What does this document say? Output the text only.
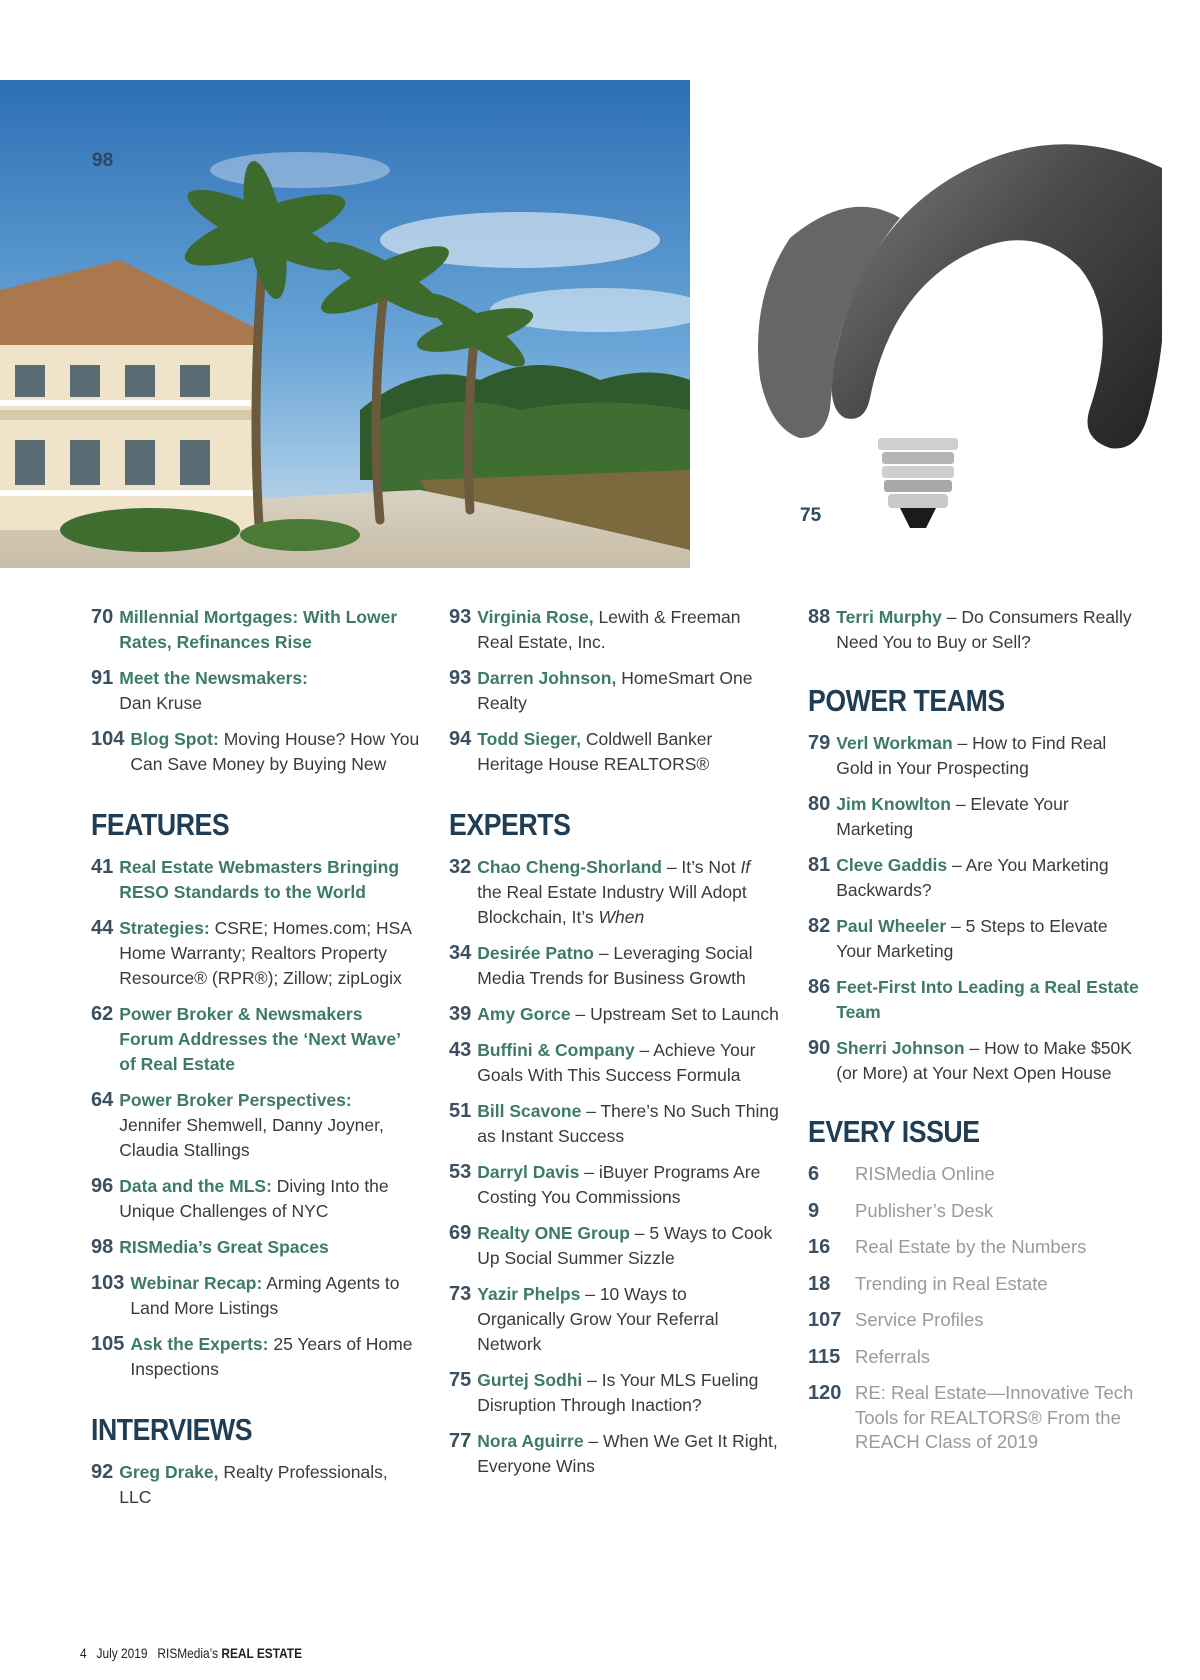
98
75
70 Millennial Mortgages: With Lower Rates, Refinances Rise
91 Meet the Newsmakers:
Dan Kruse
104 Blog Spot: Moving House? How You Can Save Money by Buying New
FEATURES
41 Real Estate Webmasters Bringing RESO Standards to the World
44 Strategies: CSRE; Homes.com; HSA Home Warranty; Realtors Property Resource® (RPR®); Zillow; zipLogix
62 Power Broker & Newsmakers Forum Addresses the ‘Next Wave’ of Real Estate
64 Power Broker Perspectives:
Jennifer Shemwell, Danny Joyner, Claudia Stallings
96 Data and the MLS: Diving Into the Unique Challenges of NYC
98 RISMedia’s Great Spaces
103 Webinar Recap: Arming Agents to Land More Listings
105 Ask the Experts: 25 Years of Home Inspections
INTERVIEWS
92 Greg Drake, Realty Professionals, LLC
93 Virginia Rose, Lewith & Freeman Real Estate, Inc.
93 Darren Johnson, HomeSmart One Realty
94 Todd Sieger, Coldwell Banker Heritage House REALTORS®
EXPERTS
32 Chao Cheng-Shorland – It’s Not If the Real Estate Industry Will Adopt Blockchain, It’s When
34 Desirée Patno – Leveraging Social Media Trends for Business Growth
39 Amy Gorce – Upstream Set to Launch
43 Buffini & Company – Achieve Your Goals With This Success Formula
51 Bill Scavone – There’s No Such Thing as Instant Success
53 Darryl Davis – iBuyer Programs Are Costing You Commissions
69 Realty ONE Group – 5 Ways to Cook Up Social Summer Sizzle
73 Yazir Phelps – 10 Ways to Organically Grow Your Referral Network
75 Gurtej Sodhi – Is Your MLS Fueling Disruption Through Inaction?
77 Nora Aguirre – When We Get It Right, Everyone Wins
88 Terri Murphy – Do Consumers Really Need You to Buy or Sell?
POWER TEAMS
79 Verl Workman – How to Find Real Gold in Your Prospecting
80 Jim Knowlton – Elevate Your Marketing
81 Cleve Gaddis – Are You Marketing Backwards?
82 Paul Wheeler – 5 Steps to Elevate Your Marketing
86 Feet-First Into Leading a Real Estate Team
90 Sherri Johnson – How to Make $50K (or More) at Your Next Open House
EVERY ISSUE
6	RISMedia Online
9	Publisher’s Desk
16	Real Estate by the Numbers
18	Trending in Real Estate
107 Service Profiles
115 Referrals
120 RE: Real Estate—Innovative Tech Tools for REALTORS® From the REACH Class of 2019
4 July 2019 RISMedia’s REAL ESTATE
